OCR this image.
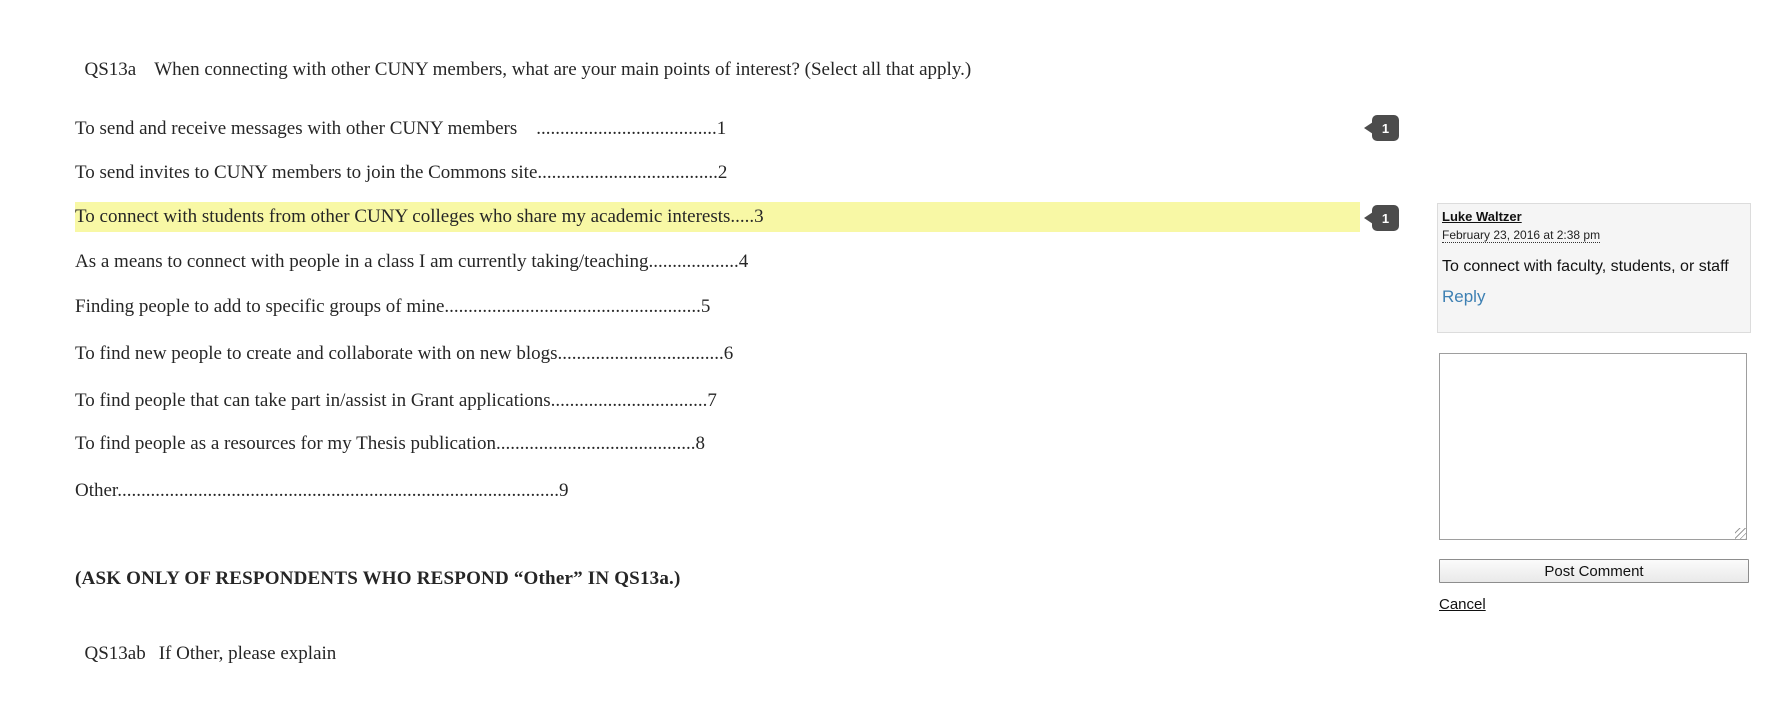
QS13a When connecting with other CUNY members, what are your main points of interest? (Select all that apply.)

To send and receive messages with other CUNY members    ......................................1
To send invites to CUNY members to join the Commons site......................................2
To connect with students from other CUNY colleges who share my academic interests.....3
As a means to connect with people in a class I am currently taking/teaching...................4
Finding people to add to specific groups of mine......................................................5
To find new people to create and collaborate with on new blogs...................................6
To find people that can take part in/assist in Grant applications.................................7
To find people as a resources for my Thesis publication..........................................8
Other.............................................................................................9

(ASK ONLY OF RESPONDENTS WHO RESPOND “Other” IN QS13a.)

QS13ab If Other, please explain

1
1	Luke Waltzer
February 23, 2016 at 2:38 pm

To connect with faculty, students, or staff

Reply
Post Comment
Cancel
